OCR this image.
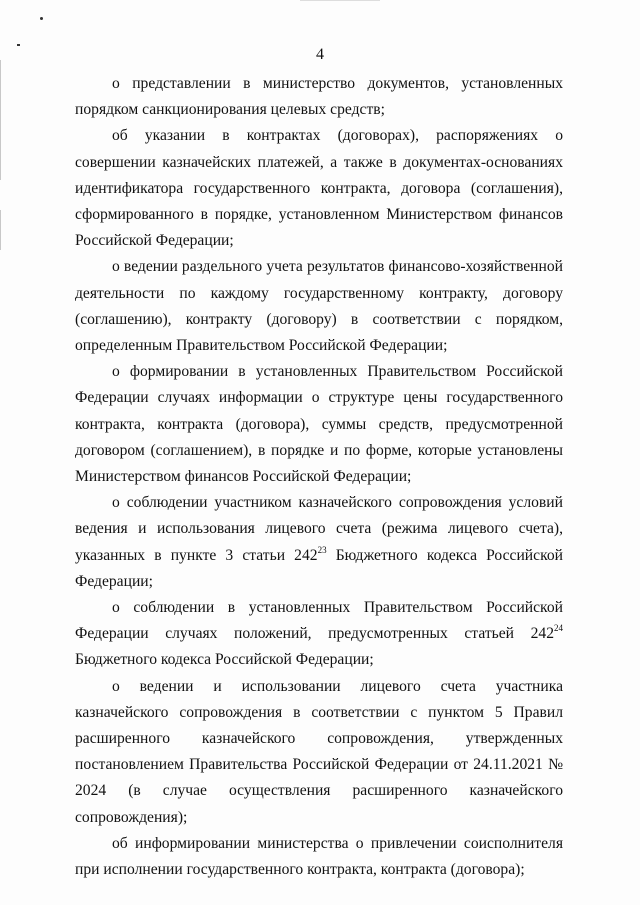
4

о представлении в министерство документов, установленных порядком санкционирования целевых средств;

об указании в контрактах (договорах), распоряжениях о совершении казначейских платежей, а также в документах-основаниях идентификатора государственного контракта, договора (соглашения), сформированного в порядке, установленном Министерством финансов Российской Федерации;

о ведении раздельного учета результатов финансово-хозяйственной деятельности по каждому государственному контракту, договору (соглашению), контракту (договору) в соответствии с порядком, определенным Правительством Российской Федерации;

о формировании в установленных Правительством Российской Федерации случаях информации о структуре цены государственного контракта, контракта (договора), суммы средств, предусмотренной договором (соглашением), в порядке и по форме, которые установлены Министерством финансов Российской Федерации;

о соблюдении участником казначейского сопровождения условий ведения и использования лицевого счета (режима лицевого счета), указанных в пункте 3 статьи $242^{23}$ Бюджетного кодекса Российской Федерации;

о соблюдении в установленных Правительством Российской Федерации случаях положений, предусмотренных статьей $242^{24}$ Бюджетного кодекса Российской Федерации;

о ведении и использовании лицевого счета участника казначейского сопровождения в соответствии с пунктом 5 Правил расширенного казначейского сопровождения, утвержденных постановлением Правительства Российской Федерации от 24.11.2021 № 2024 (в случае осуществления расширенного казначейского сопровождения);

об информировании министерства о привлечении соисполнителя при исполнении государственного контракта, контракта (договора);
